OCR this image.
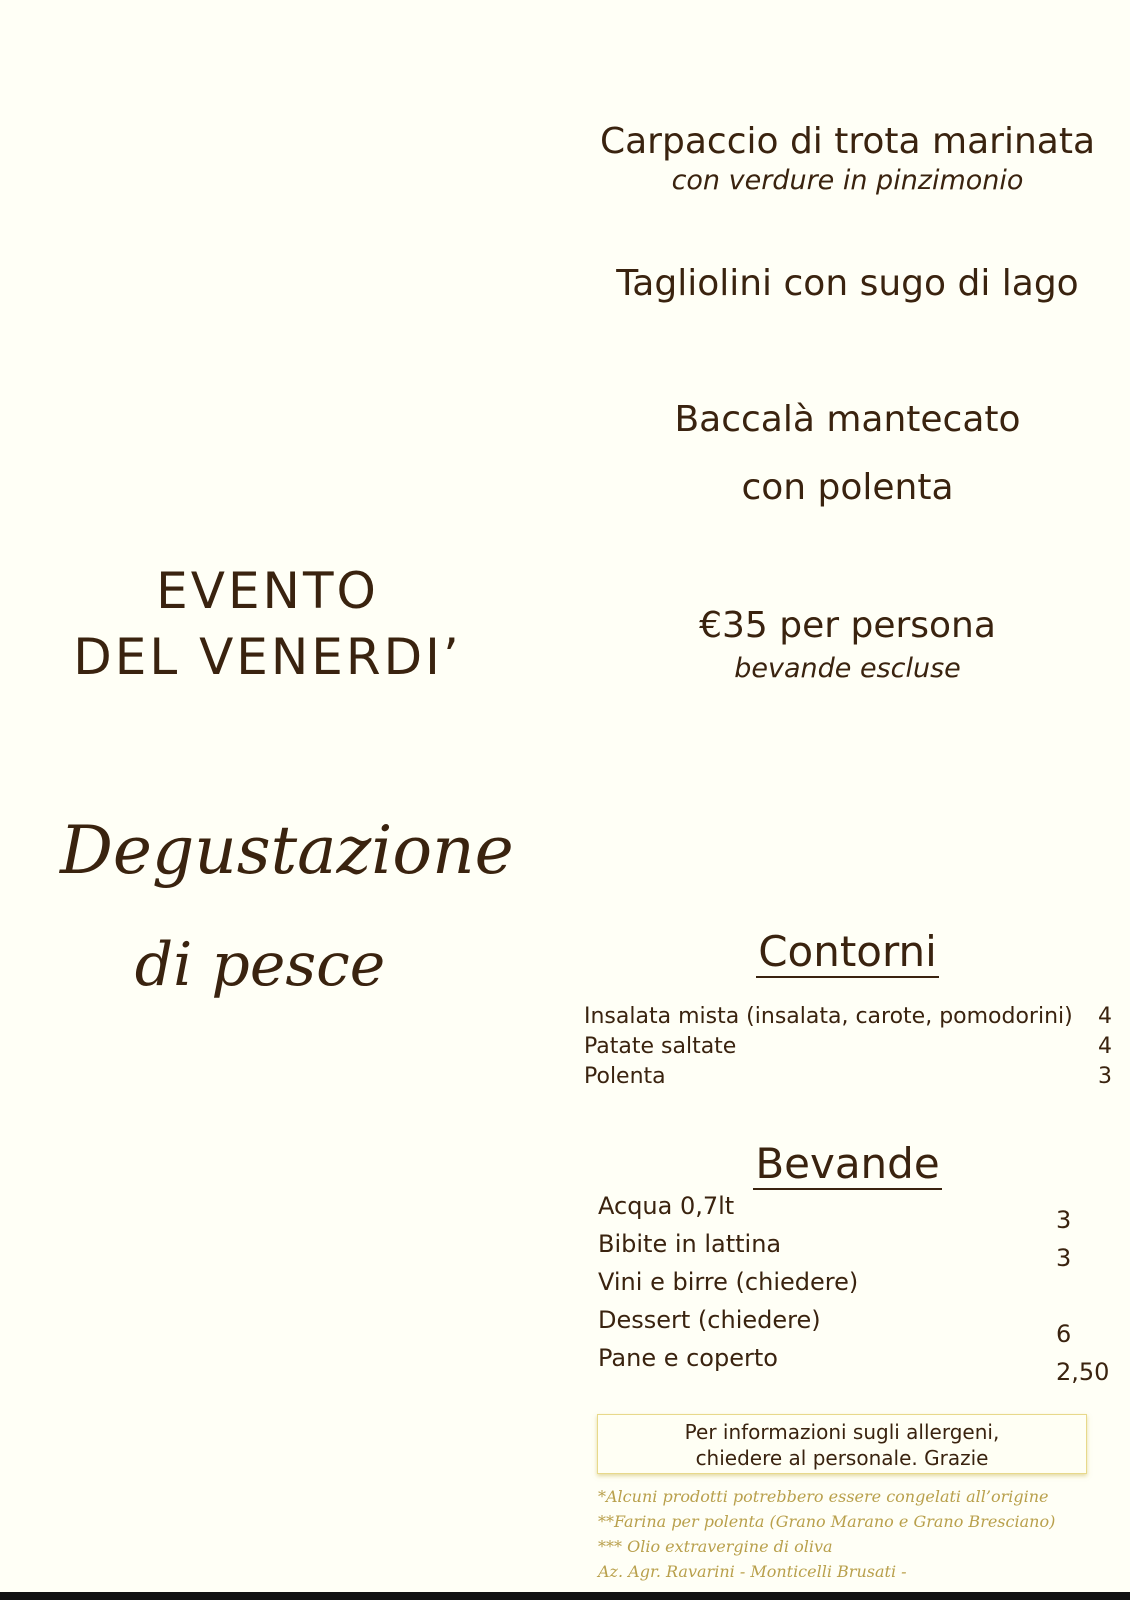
EVENTO
DEL VENERDI’
Degustazione
di pesce
Carpaccio di trota marinata
con verdure in pinzimonio
Tagliolini con sugo di lago
Baccalà mantecato
con polenta
€35 per persona
bevande escluse
Contorni
Insalata mista (insalata, carote, pomodorini) 4
Patate saltate	4
Polenta	3
Bevande
Acqua 0,7lt	3
Bibite in lattina	3
Vini e birre (chiedere)
Dessert (chiedere)	6
Pane e coperto	2,50
Per informazioni sugli allergeni,
chiedere al personale. Grazie
*Alcuni prodotti potrebbero essere congelati all’origine
**Farina per polenta (Grano Marano e Grano Bresciano)
*** Olio extravergine di oliva
Az. Agr. Ravarini - Monticelli Brusati -
